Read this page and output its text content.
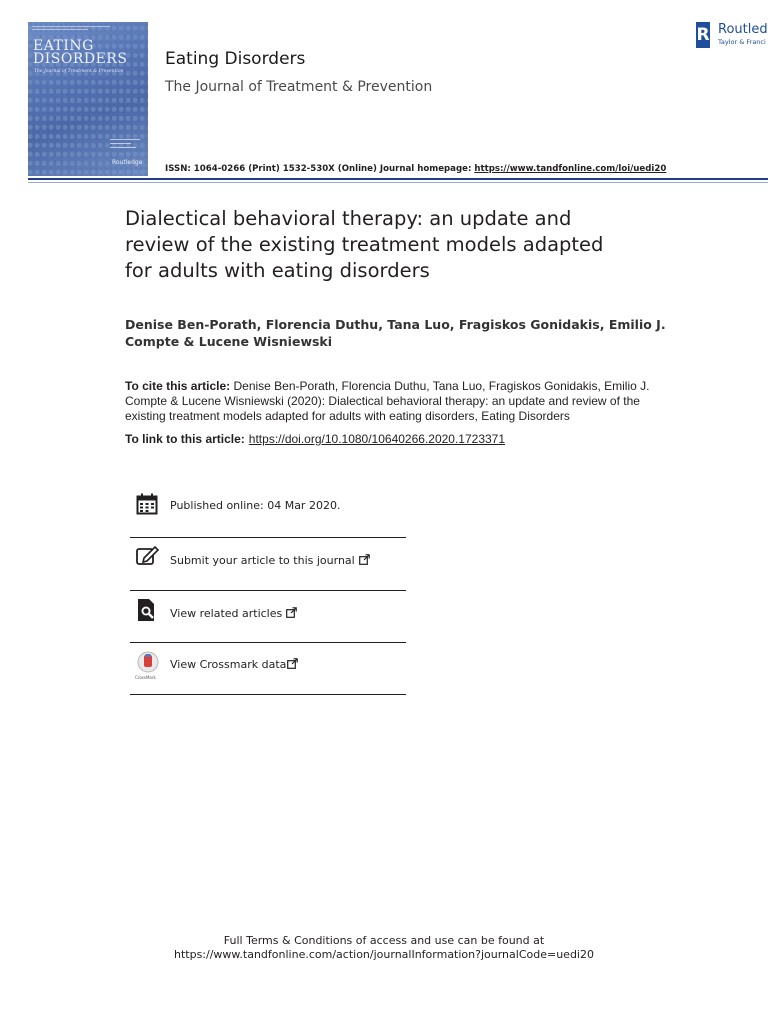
EATING
DISORDERS
The Journal of Treatment & Prevention
Routledge
Eating Disorders
The Journal of Treatment & Prevention
R Routled
Taylor & Franci
ISSN: 1064-0266 (Print) 1532-530X (Online) Journal homepage: https://www.tandfonline.com/loi/uedi20
Dialectical behavioral therapy: an update and
review of the existing treatment models adapted
for adults with eating disorders
Denise Ben-Porath, Florencia Duthu, Tana Luo, Fragiskos Gonidakis, Emilio J.
Compte & Lucene Wisniewski
To cite this article: Denise Ben-Porath, Florencia Duthu, Tana Luo, Fragiskos Gonidakis, Emilio J.
Compte & Lucene Wisniewski (2020): Dialectical behavioral therapy: an update and review of the
existing treatment models adapted for adults with eating disorders, Eating Disorders
To link to this article: https://doi.org/10.1080/10640266.2020.1723371
Published online: 04 Mar 2020.
Submit your article to this journal
View related articles
CrossMark
View Crossmark data
Full Terms & Conditions of access and use can be found at
https://www.tandfonline.com/action/journalInformation?journalCode=uedi20
